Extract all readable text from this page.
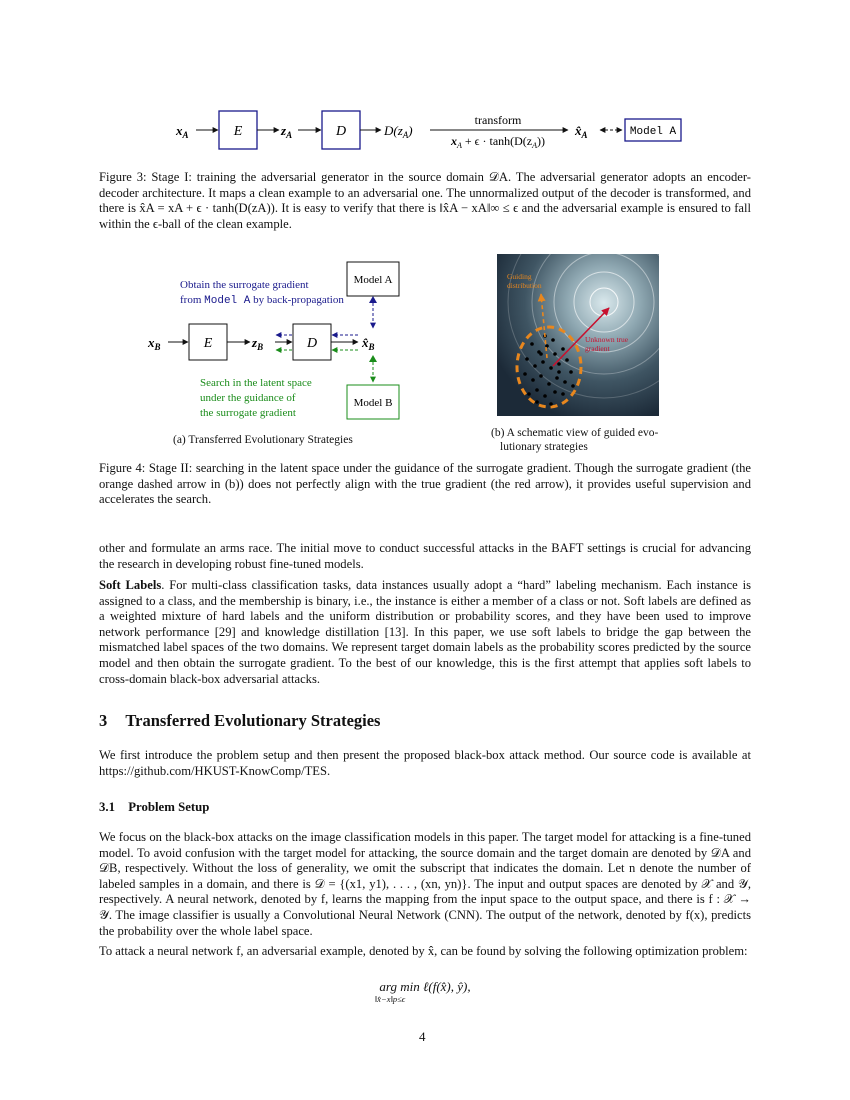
$x_A$	E	$z_A$	D	$D(z_A)$
transform
$x_A + \epsilon \cdot \tanh(D(z_A))$
$x̂_A$	Model A
Figure 3: Stage I: training the adversarial generator in the source domain 𝒟A. The adversarial generator adopts an encoder-decoder architecture. It maps a clean example to an adversarial one. The unnormalized output of the decoder is transformed, and there is x̂A = xA + ϵ · tanh(D(zA)). It is easy to verify that there is ‖x̂A − xA‖∞ ≤ ϵ and the adversarial example is ensured to fall within the ϵ-ball of the clean example.
Obtain the surrogate gradient
from Model A by back-propagation
Model A
$x_B$	E	$z_B$	D	$x̂_B$
Search in the latent space
under the guidance of
the surrogate gradient
Model B
(a) Transferred Evolutionary Strategies
Guiding
distribution
Unknown true
gradient
(b) A schematic view of guided evo-
lutionary strategies
Figure 4: Stage II: searching in the latent space under the guidance of the surrogate gradient. Though the surrogate gradient (the orange dashed arrow in (b)) does not perfectly align with the true gradient (the red arrow), it provides useful supervision and accelerates the search.
other and formulate an arms race. The initial move to conduct successful attacks in the BAFT settings is crucial for advancing the research in developing robust fine-tuned models.
Soft Labels. For multi-class classification tasks, data instances usually adopt a “hard” labeling mechanism. Each instance is assigned to a class, and the membership is binary, i.e., the instance is either a member of a class or not. Soft labels are defined as a weighted mixture of hard labels and the uniform distribution or probability scores, and they have been used to improve network performance [29] and knowledge distillation [13]. In this paper, we use soft labels to bridge the gap between the mismatched label spaces of the two domains. We represent target domain labels as the probability scores predicted by the source model and then obtain the surrogate gradient. To the best of our knowledge, this is the first attempt that applies soft labels to cross-domain black-box adversarial attacks.
3 Transferred Evolutionary Strategies
We first introduce the problem setup and then present the proposed black-box attack method. Our source code is available at https://github.com/HKUST-KnowComp/TES.
3.1 Problem Setup
We focus on the black-box attacks on the image classification models in this paper. The target model for attacking is a fine-tuned model. To avoid confusion with the target model for attacking, the source domain and the target domain are denoted by 𝒟A and 𝒟B, respectively. Without the loss of generality, we omit the subscript that indicates the domain. Let n denote the number of labeled samples in a domain, and there is 𝒟 = {(x1, y1), . . . , (xn, yn)}. The input and output spaces are denoted by 𝒳 and 𝒴, respectively. A neural network, denoted by f, learns the mapping from the input space to the output space, and there is f : 𝒳 → 𝒴. The image classifier is usually a Convolutional Neural Network (CNN). The output of the network, denoted by f(x), predicts the probability over the whole label space.
To attack a neural network f, an adversarial example, denoted by x̂, can be found by solving the following optimization problem:
arg min ℓ(f(x̂), ŷ),
‖x̂−x‖p≤ϵ
4
